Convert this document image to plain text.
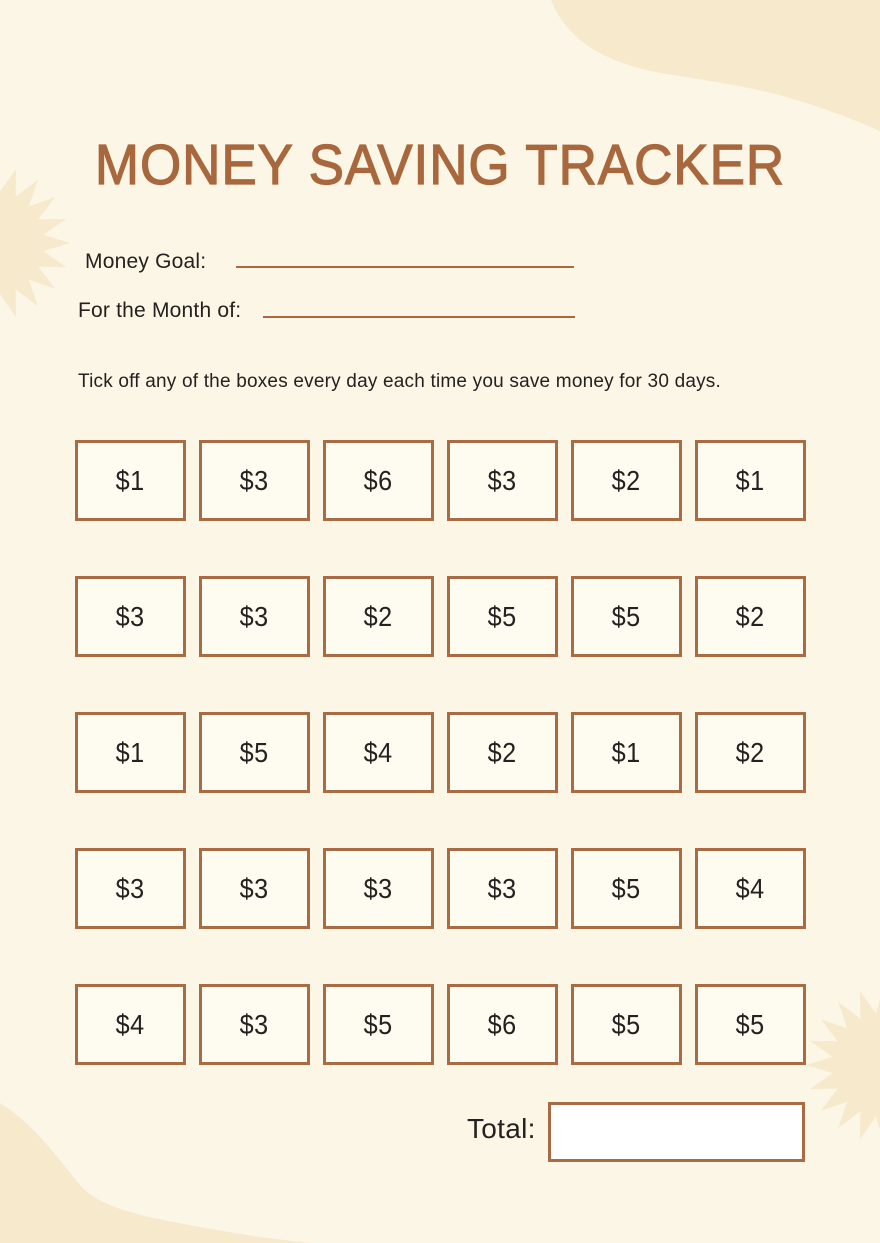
MONEY SAVING TRACKER
Money Goal:
For the Month of:
Tick off any of the boxes every day each time you save money for 30 days.
$1	$3	$6	$3	$2	$1
$3	$3	$2	$5	$5	$2
$1	$5	$4	$2	$1	$2
$3	$3	$3	$3	$5	$4
$4	$3	$5	$6	$5	$5
Total:
